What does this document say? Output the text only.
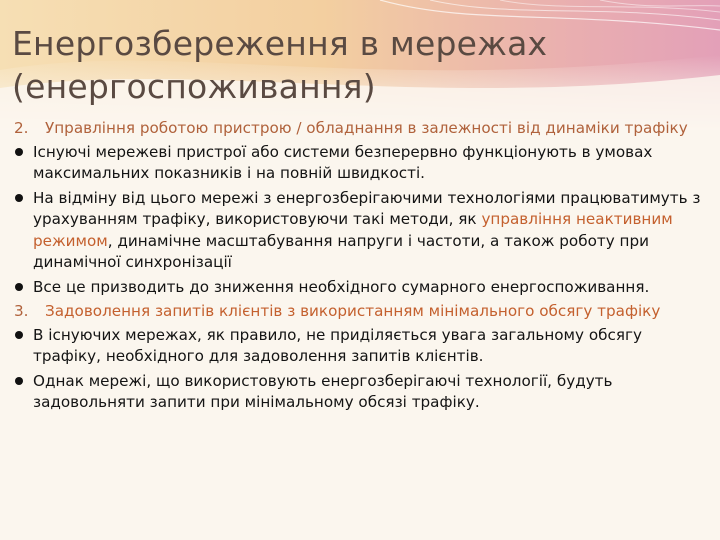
Енергозбереження в мережах (енергоспоживання)
2.	Управління роботою пристрою / обладнання в залежності від динаміки трафіку
Існуючі мережеві пристрої або системи безперервно функціонують в умовах максимальних показників і на повній швидкості.
На відміну від цього мережі з енергозберігаючими технологіями працюватимуть з урахуванням трафіку, використовуючи такі методи, як управління неактивним режимом, динамічне масштабування напруги і частоти, а також роботу при динамічної синхронізації
Все це призводить до зниження необхідного сумарного енергоспоживання.
3.	Задоволення запитів клієнтів з використанням мінімального обсягу трафіку
В існуючих мережах, як правило, не приділяється увага загальному обсягу трафіку, необхідного для задоволення запитів клієнтів.
Однак мережі, що використовують енергозберігаючі технології, будуть задовольняти запити при мінімальному обсязі трафіку.
